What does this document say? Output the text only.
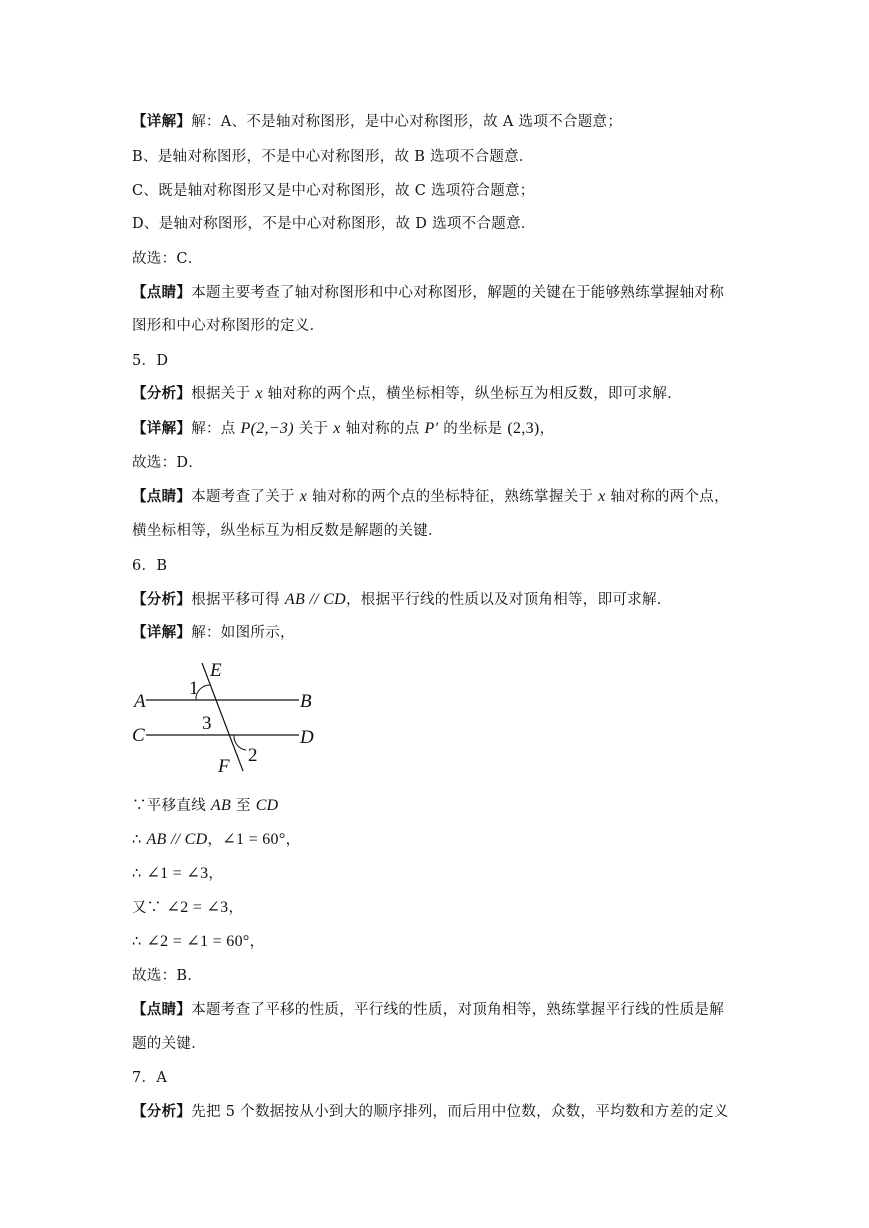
【详解】解：A、不是轴对称图形，是中心对称图形，故 A 选项不合题意；
B、是轴对称图形，不是中心对称图形，故 B 选项不合题意．
C、既是轴对称图形又是中心对称图形，故 C 选项符合题意；
D、是轴对称图形，不是中心对称图形，故 D 选项不合题意．
故选：C．
【点睛】本题主要考查了轴对称图形和中心对称图形，解题的关键在于能够熟练掌握轴对称
图形和中心对称图形的定义．
5．D
【分析】根据关于 x 轴对称的两个点，横坐标相等，纵坐标互为相反数，即可求解．
【详解】解：点 P(2,−3) 关于 x 轴对称的点 P′ 的坐标是 (2,3)，
故选：D．
【点睛】本题考查了关于 x 轴对称的两个点的坐标特征，熟练掌握关于 x 轴对称的两个点，
横坐标相等，纵坐标互为相反数是解题的关键．
6．B
【分析】根据平移可得 AB // CD，根据平行线的性质以及对顶角相等，即可求解．
【详解】解：如图所示，
A	B
C	D
E
F
1
2
3
∵平移直线 AB 至 CD
∴ AB // CD，∠1 = 60°，
∴ ∠1 = ∠3，
又∵ ∠2 = ∠3，
∴ ∠2 = ∠1 = 60°，
故选：B．
【点睛】本题考查了平移的性质，平行线的性质，对顶角相等，熟练掌握平行线的性质是解
题的关键．
7．A
【分析】先把 5 个数据按从小到大的顺序排列，而后用中位数，众数，平均数和方差的定义
